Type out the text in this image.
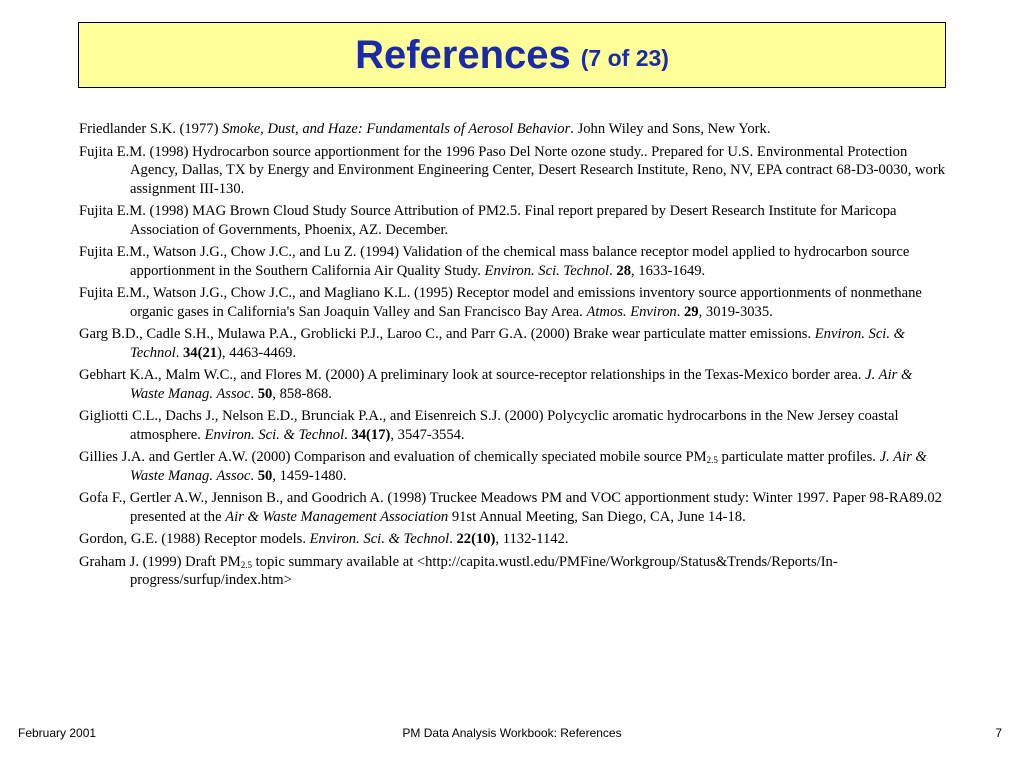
References (7 of 23)
Friedlander S.K. (1977) Smoke, Dust, and Haze: Fundamentals of Aerosol Behavior. John Wiley and Sons, New York.
Fujita E.M. (1998) Hydrocarbon source apportionment for the 1996 Paso Del Norte ozone study.. Prepared for U.S. Environmental Protection Agency, Dallas, TX by Energy and Environment Engineering Center, Desert Research Institute, Reno, NV, EPA contract 68-D3-0030, work assignment III-130.
Fujita E.M. (1998) MAG Brown Cloud Study Source Attribution of PM2.5. Final report prepared by Desert Research Institute for Maricopa Association of Governments, Phoenix, AZ. December.
Fujita E.M., Watson J.G., Chow J.C., and Lu Z. (1994) Validation of the chemical mass balance receptor model applied to hydrocarbon source apportionment in the Southern California Air Quality Study. Environ. Sci. Technol. 28, 1633-1649.
Fujita E.M., Watson J.G., Chow J.C., and Magliano K.L. (1995) Receptor model and emissions inventory source apportionments of nonmethane organic gases in California's San Joaquin Valley and San Francisco Bay Area. Atmos. Environ. 29, 3019-3035.
Garg B.D., Cadle S.H., Mulawa P.A., Groblicki P.J., Laroo C., and Parr G.A. (2000) Brake wear particulate matter emissions. Environ. Sci. & Technol. 34(21), 4463-4469.
Gebhart K.A., Malm W.C., and Flores M. (2000) A preliminary look at source-receptor relationships in the Texas-Mexico border area. J. Air & Waste Manag. Assoc. 50, 858-868.
Gigliotti C.L., Dachs J., Nelson E.D., Brunciak P.A., and Eisenreich S.J. (2000) Polycyclic aromatic hydrocarbons in the New Jersey coastal atmosphere. Environ. Sci. & Technol. 34(17), 3547-3554.
Gillies J.A. and Gertler A.W. (2000) Comparison and evaluation of chemically speciated mobile source $PM_{2.5}$ particulate matter profiles. J. Air & Waste Manag. Assoc. 50, 1459-1480.
Gofa F., Gertler A.W., Jennison B., and Goodrich A. (1998) Truckee Meadows PM and VOC apportionment study: Winter 1997. Paper 98-RA89.02 presented at the Air & Waste Management Association 91st Annual Meeting, San Diego, CA, June 14-18.
Gordon, G.E. (1988) Receptor models. Environ. Sci. & Technol. 22(10), 1132-1142.
Graham J. (1999) Draft $PM_{2.5}$ topic summary available at <http://capita.wustl.edu/PMFine/Workgroup/Status&Trends/Reports/In-progress/surfup/index.htm>
February 2001	PM Data Analysis Workbook: References	7
